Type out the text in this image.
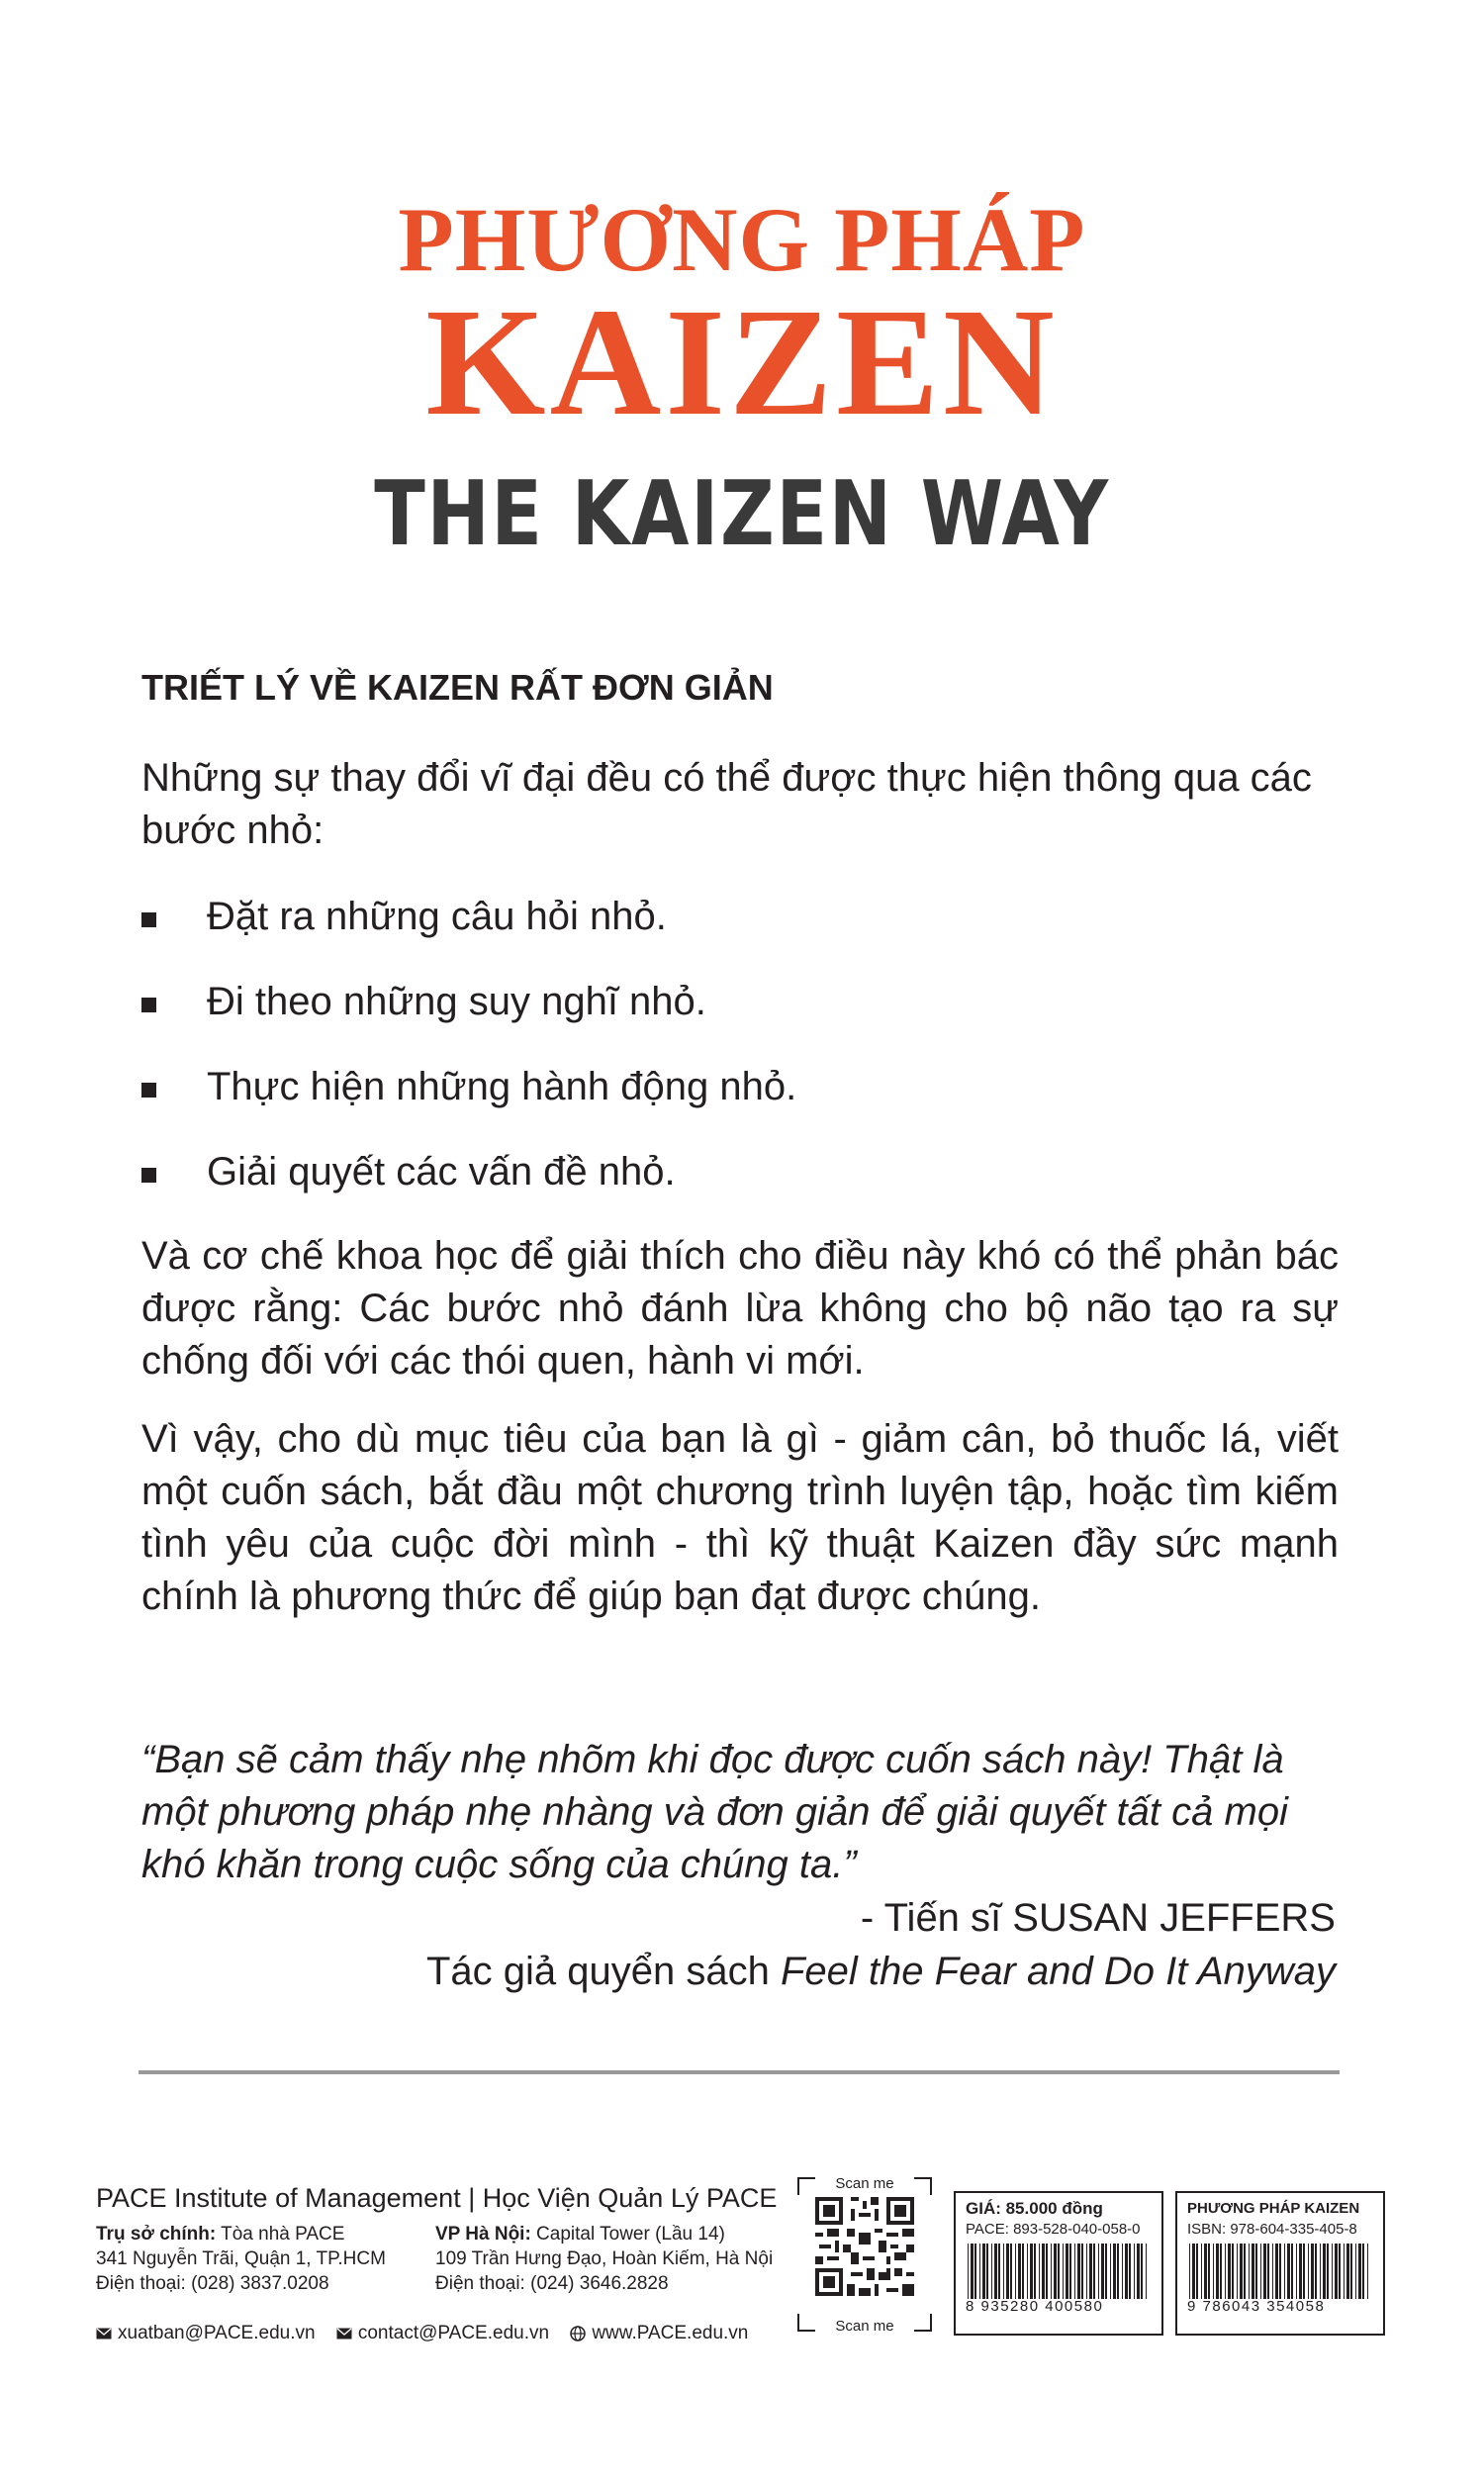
PHƯƠNG PHÁP
KAIZEN
THE KAIZEN WAY
TRIẾT LÝ VỀ KAIZEN RẤT ĐƠN GIẢN
Những sự thay đổi vĩ đại đều có thể được thực hiện thông qua các bước nhỏ:
Đặt ra những câu hỏi nhỏ.
Đi theo những suy nghĩ nhỏ.
Thực hiện những hành động nhỏ.
Giải quyết các vấn đề nhỏ.
Và cơ chế khoa học để giải thích cho điều này khó có thể phản bác được rằng: Các bước nhỏ đánh lừa không cho bộ não tạo ra sự chống đối với các thói quen, hành vi mới.
Vì vậy, cho dù mục tiêu của bạn là gì - giảm cân, bỏ thuốc lá, viết một cuốn sách, bắt đầu một chương trình luyện tập, hoặc tìm kiếm tình yêu của cuộc đời mình - thì kỹ thuật Kaizen đầy sức mạnh chính là phương thức để giúp bạn đạt được chúng.
“Bạn sẽ cảm thấy nhẹ nhõm khi đọc được cuốn sách này! Thật là một phương pháp nhẹ nhàng và đơn giản để giải quyết tất cả mọi khó khăn trong cuộc sống của chúng ta.”
- Tiến sĩ SUSAN JEFFERS
Tác giả quyển sách Feel the Fear and Do It Anyway
PACE Institute of Management | Học Viện Quản Lý PACE
Trụ sở chính: Tòa nhà PACE
341 Nguyễn Trãi, Quận 1, TP.HCM
Điện thoại: (028) 3837.0208
VP Hà Nội: Capital Tower (Lầu 14)
109 Trần Hưng Đạo, Hoàn Kiếm, Hà Nội
Điện thoại: (024) 3646.2828
xuatban@PACE.edu.vn contact@PACE.edu.vn www.PACE.edu.vn
Scan me
Scan me
GIÁ: 85.000 đồng
PACE: 893-528-040-058-0
8 935280 400580
PHƯƠNG PHÁP KAIZEN
ISBN: 978-604-335-405-8
9 786043 354058
